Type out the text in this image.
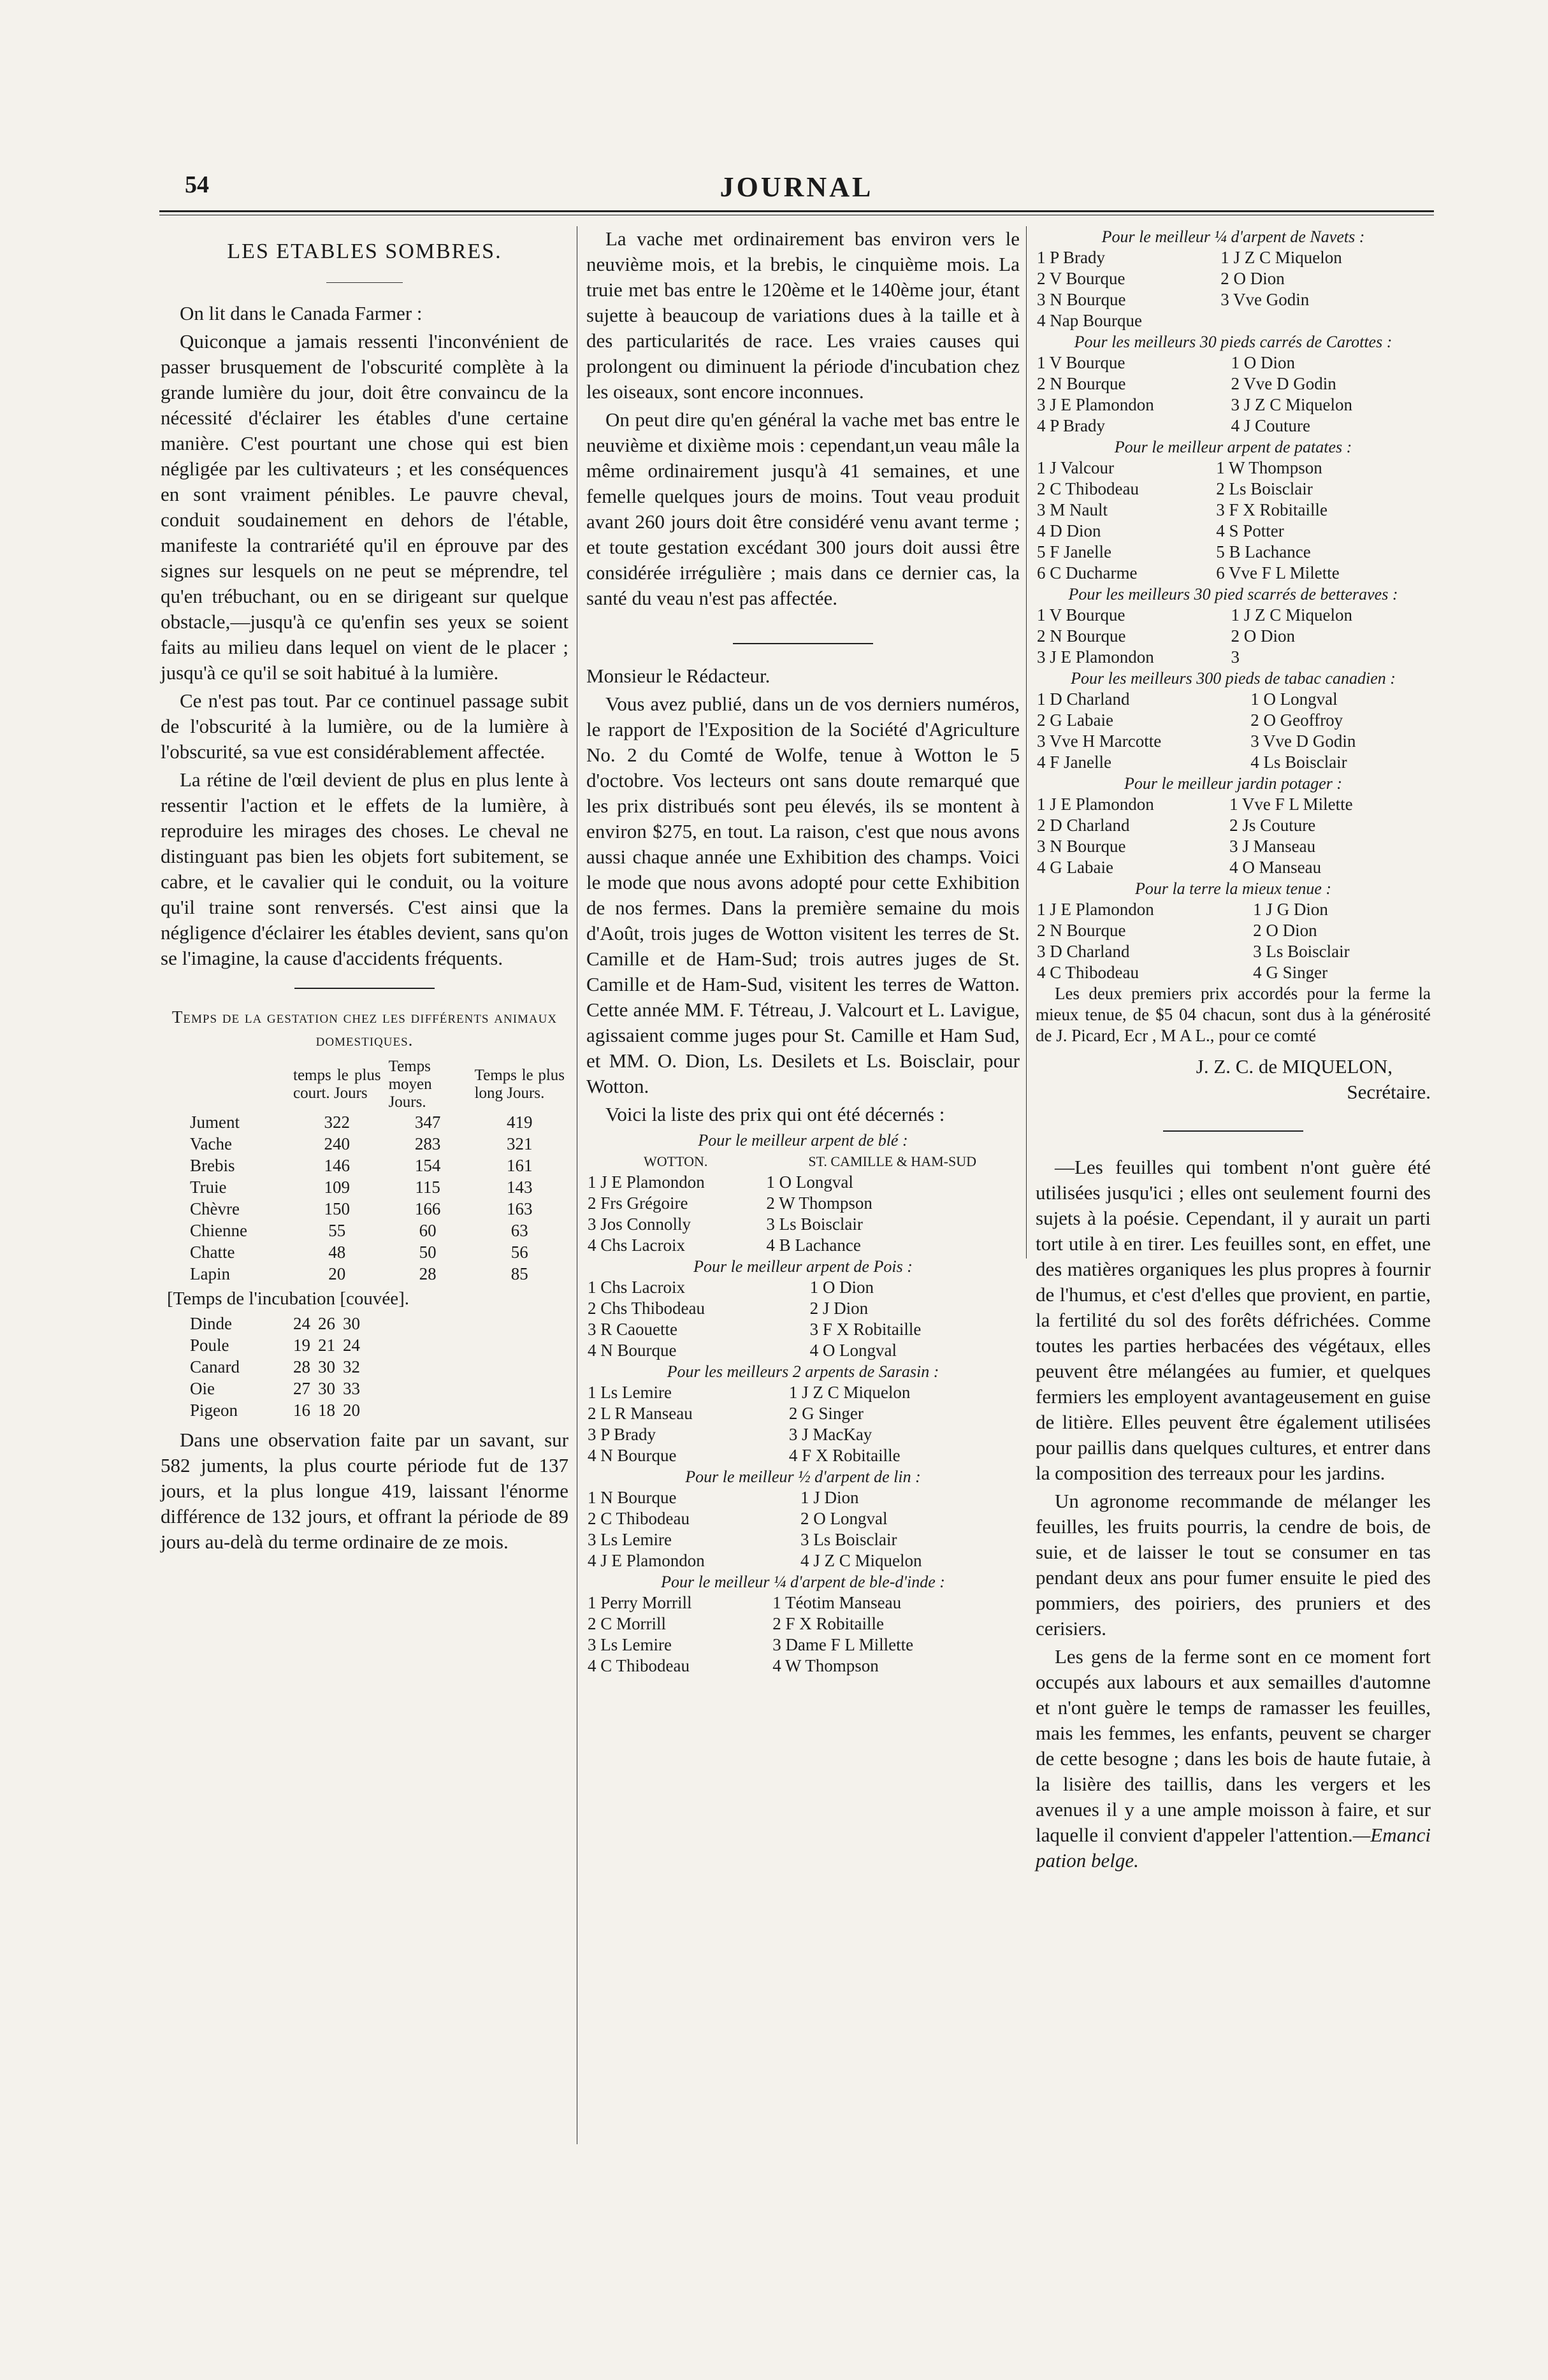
54	JOURNAL
LES ETABLES SOMBRES.

On lit dans le Canada Farmer :

Quiconque a jamais ressenti l'inconvénient de passer brusquement de l'obscurité complète à la grande lumière du jour, doit être convaincu de la nécessité d'éclairer les étables d'une certaine manière. C'est pourtant une chose qui est bien négligée par les cultivateurs ; et les conséquences en sont vraiment pénibles. Le pauvre cheval, conduit soudainement en dehors de l'étable, manifeste la contrariété qu'il en éprouve par des signes sur lesquels on ne peut se méprendre, tel qu'en trébuchant, ou en se dirigeant sur quelque obstacle,—jusqu'à ce qu'enfin ses yeux se soient faits au milieu dans lequel on vient de le placer ; jusqu'à ce qu'il se soit habitué à la lumière.

Ce n'est pas tout. Par ce continuel passage subit de l'obscurité à la lumière, ou de la lumière à l'obscurité, sa vue est considérablement affectée.

La rétine de l'œil devient de plus en plus lente à ressentir l'action et le effets de la lumière, à reproduire les mirages des choses. Le cheval ne distinguant pas bien les objets fort subitement, se cabre, et le cavalier qui le conduit, ou la voiture qu'il traine sont renversés. C'est ainsi que la négligence d'éclairer les étables devient, sans qu'on se l'imagine, la cause d'accidents fréquents.

Temps de la gestation chez les différents animaux domestiques.

	temps le plus court. Jours	Temps moyen Jours.	Temps le plus long Jours.
Jument	322	347	419
Vache	240	283	321
Brebis	146	154	161
Truie	109	115	143
Chèvre	150	166	163
Chienne	55	60	63
Chatte	48	50	56
Lapin	20	28	85

[Temps de l'incubation [couvée].

Dinde	24	26	30
Poule	19	21	24
Canard	28	30	32
Oie	27	30	33
Pigeon	16	18	20

Dans une observation faite par un savant, sur 582 juments, la plus courte période fut de 137 jours, et la plus longue 419, laissant l'énorme différence de 132 jours, et offrant la période de 89 jours au-delà du terme ordinaire de ze mois.

La vache met ordinairement bas environ vers le neuvième mois, et la brebis, le cinquième mois. La truie met bas entre le 120ème et le 140ème jour, étant sujette à beaucoup de variations dues à la taille et à des particularités de race. Les vraies causes qui prolongent ou diminuent la période d'incubation chez les oiseaux, sont encore inconnues.

On peut dire qu'en général la vache met bas entre le neuvième et dixième mois : cependant,un veau mâle la même ordinairement jusqu'à 41 semaines, et une femelle quelques jours de moins. Tout veau produit avant 260 jours doit être considéré venu avant terme ; et toute gestation excédant 300 jours doit aussi être considérée irrégulière ; mais dans ce dernier cas, la santé du veau n'est pas affectée.

Monsieur le Rédacteur.

Vous avez publié, dans un de vos derniers numéros, le rapport de l'Exposition de la Société d'Agriculture No. 2 du Comté de Wolfe, tenue à Wotton le 5 d'octobre. Vos lecteurs ont sans doute remarqué que les prix distribués sont peu élevés, ils se montent à environ $275, en tout. La raison, c'est que nous avons aussi chaque année une Exhibition des champs. Voici le mode que nous avons adopté pour cette Exhibition de nos fermes. Dans la première semaine du mois d'Août, trois juges de Wotton visitent les terres de St. Camille et de Ham-Sud; trois autres juges de St. Camille et de Ham-Sud, visitent les terres de Watton. Cette année MM. F. Tétreau, J. Valcourt et L. Lavigue, agissaient comme juges pour St. Camille et Ham Sud, et MM. O. Dion, Ls. Desilets et Ls. Boisclair, pour Wotton.

Voici la liste des prix qui ont été décernés :

Pour le meilleur arpent de blé :
WOTTON.	ST. CAMILLE & HAM-SUD
1 J E Plamondon	1 O Longval
2 Frs Grégoire	2 W Thompson
3 Jos Connolly	3 Ls Boisclair
4 Chs Lacroix	4 B Lachance
Pour le meilleur arpent de Pois :
1 Chs Lacroix	1 O Dion
2 Chs Thibodeau	2 J Dion
3 R Caouette	3 F X Robitaille
4 N Bourque	4 O Longval
Pour les meilleurs 2 arpents de Sarasin :
1 Ls Lemire	1 J Z C Miquelon
2 L R Manseau	2 G Singer
3 P Brady	3 J MacKay
4 N Bourque	4 F X Robitaille
Pour le meilleur ½ d'arpent de lin :
1 N Bourque	1 J Dion
2 C Thibodeau	2 O Longval
3 Ls Lemire	3 Ls Boisclair
4 J E Plamondon	4 J Z C Miquelon
Pour le meilleur ¼ d'arpent de ble-d'inde :
1 Perry Morrill	1 Téotim Manseau
2 C Morrill	2 F X Robitaille
3 Ls Lemire	3 Dame F L Millette
4 C Thibodeau	4 W Thompson
Pour le meilleur ¼ d'arpent de Navets :
1 P Brady	1 J Z C Miquelon
2 V Bourque	2 O Dion
3 N Bourque	3 Vve Godin
4 Nap Bourque	
Pour les meilleurs 30 pieds carrés de Carottes :
1 V Bourque	1 O Dion
2 N Bourque	2 Vve D Godin
3 J E Plamondon	3 J Z C Miquelon
4 P Brady	4 J Couture
Pour le meilleur arpent de patates :
1 J Valcour	1 W Thompson
2 C Thibodeau	2 Ls Boisclair
3 M Nault	3 F X Robitaille
4 D Dion	4 S Potter
5 F Janelle	5 B Lachance
6 C Ducharme	6 Vve F L Milette
Pour les meilleurs 30 pied scarrés de betteraves :
1 V Bourque	1 J Z C Miquelon
2 N Bourque	2 O Dion
3 J E Plamondon	3
Pour les meilleurs 300 pieds de tabac canadien :
1 D Charland	1 O Longval
2 G Labaie	2 O Geoffroy
3 Vve H Marcotte	3 Vve D Godin
4 F Janelle	4 Ls Boisclair
Pour le meilleur jardin potager :
1 J E Plamondon	1 Vve F L Milette
2 D Charland	2 Js Couture
3 N Bourque	3 J Manseau
4 G Labaie	4 O Manseau
Pour la terre la mieux tenue :
1 J E Plamondon	1 J G Dion
2 N Bourque	2 O Dion
3 D Charland	3 Ls Boisclair
4 C Thibodeau	4 G Singer

Les deux premiers prix accordés pour la ferme la mieux tenue, de $5 04 chacun, sont dus à la générosité de J. Picard, Ecr , M A L., pour ce comté

J. Z. C. de MIQUELON,

Secrétaire.

—Les feuilles qui tombent n'ont guère été utilisées jusqu'ici ; elles ont seulement fourni des sujets à la poésie. Cependant, il y aurait un parti tort utile à en tirer. Les feuilles sont, en effet, une des matières organiques les plus propres à fournir de l'humus, et c'est d'elles que provient, en partie, la fertilité du sol des forêts défrichées. Comme toutes les parties herbacées des végétaux, elles peuvent être mélangées au fumier, et quelques fermiers les employent avantageusement en guise de litière. Elles peuvent être également utilisées pour paillis dans quelques cultures, et entrer dans la composition des terreaux pour les jardins.

Un agronome recommande de mélanger les feuilles, les fruits pourris, la cendre de bois, de suie, et de laisser le tout se consumer en tas pendant deux ans pour fumer ensuite le pied des pommiers, des poiriers, des pruniers et des cerisiers.

Les gens de la ferme sont en ce moment fort occupés aux labours et aux semailles d'automne et n'ont guère le temps de ramasser les feuilles, mais les femmes, les enfants, peuvent se charger de cette besogne ; dans les bois de haute futaie, à la lisière des taillis, dans les vergers et les avenues il y a une ample moisson à faire, et sur laquelle il convient d'appeler l'attention.—Emanci pation belge.
